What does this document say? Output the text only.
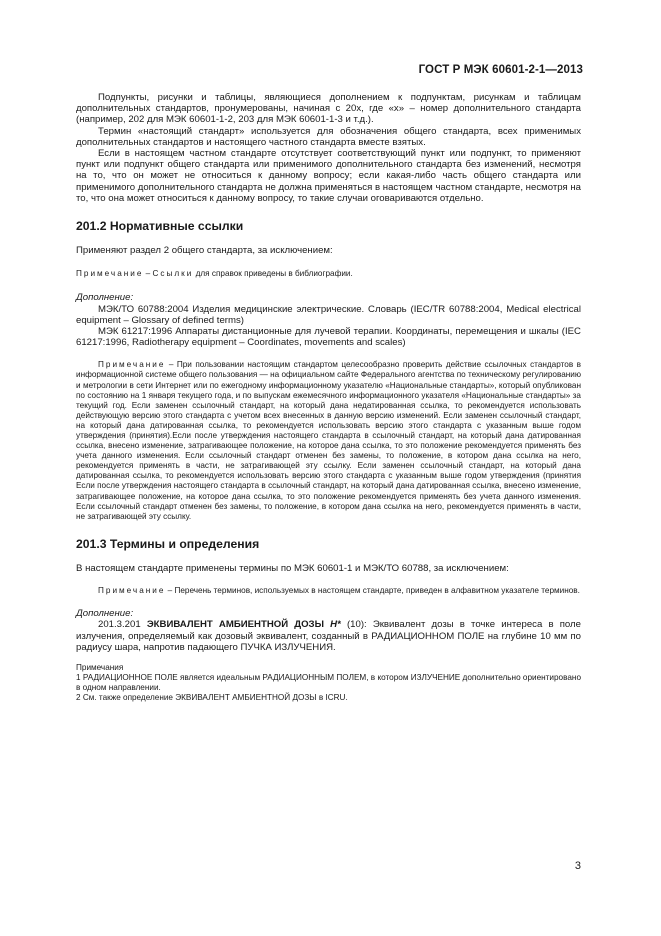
ГОСТ Р МЭК 60601-2-1—2013

Подпункты, рисунки и таблицы, являющиеся дополнением к подпунктам, рисункам и таблицам дополнительных стандартов, пронумерованы, начиная с 20х, где «х» – номер дополнительного стандарта (например, 202 для МЭК 60601-1-2, 203 для МЭК 60601-1-3 и т.д.).

Термин «настоящий стандарт» используется для обозначения общего стандарта, всех применимых дополнительных стандартов и настоящего частного стандарта вместе взятых.

Если в настоящем частном стандарте отсутствует соответствующий пункт или подпункт, то применяют пункт или подпункт общего стандарта или применимого дополнительного стандарта без изменений, несмотря на то, что он может не относиться к данному вопросу; если какая-либо часть общего стандарта или применимого дополнительного стандарта не должна применяться в настоящем частном стандарте, несмотря на то, что она может относиться к данному вопросу, то такие случаи оговариваются отдельно.

201.2 Нормативные ссылки

Применяют раздел 2 общего стандарта, за исключением:

Примечание – Ссылки для справок приведены в библиографии.

Дополнение:

МЭК/ТО 60788:2004 Изделия медицинские электрические. Словарь (IEC/TR 60788:2004, Medical electrical equipment – Glossary of defined terms)

МЭК 61217:1996 Аппараты дистанционные для лучевой терапии. Координаты, перемещения и шкалы (IEC 61217:1996, Radiotherapy equipment – Coordinates, movements and scales)

Примечание – При пользовании настоящим стандартом целесообразно проверить действие ссылочных стандартов в информационной системе общего пользования — на официальном сайте Федерального агентства по техническому регулированию и метрологии в сети Интернет или по ежегодному информационному указателю «Национальные стандарты», который опубликован по состоянию на 1 января текущего года, и по выпускам ежемесячного информационного указателя «Национальные стандарты» за текущий год. Если заменен ссылочный стандарт, на который дана недатированная ссылка, то рекомендуется использовать действующую версию этого стандарта с учетом всех внесенных в данную версию изменений. Если заменен ссылочный стандарт, на который дана датированная ссылка, то рекомендуется использовать версию этого стандарта с указанным выше годом утверждения (принятия).Если после утверждения настоящего стандарта в ссылочный стандарт, на который дана датированная ссылка, внесено изменение, затрагивающее положение, на которое дана ссылка, то это положение рекомендуется применять без учета данного изменения. Если ссылочный стандарт отменен без замены, то положение, в котором дана ссылка на него, рекомендуется применять в части, не затрагивающей эту ссылку. Если заменен ссылочный стандарт, на который дана датированная ссылка, то рекомендуется использовать версию этого стандарта с указанным выше годом утверждения (принятия Если после утверждения настоящего стандарта в ссылочный стандарт, на который дана датированная ссылка, внесено изменение, затрагивающее положение, на которое дана ссылка, то это положение рекомендуется применять без учета данного изменения. Если ссылочный стандарт отменен без замены, то положение, в котором дана ссылка на него, рекомендуется применять в части, не затрагивающей эту ссылку.

201.3 Термины и определения

В настоящем стандарте применены термины по МЭК 60601-1 и МЭК/ТО 60788, за исключением:

Примечание – Перечень терминов, используемых в настоящем стандарте, приведен в алфавитном указателе терминов.

Дополнение:

201.3.201 ЭКВИВАЛЕНТ АМБИЕНТНОЙ ДОЗЫ H* (10): Эквивалент дозы в точке интереса в поле излучения, определяемый как дозовый эквивалент, созданный в РАДИАЦИОННОМ ПОЛЕ на глубине 10 мм по радиусу шара, напротив падающего ПУЧКА ИЗЛУЧЕНИЯ.

Примечания

1 РАДИАЦИОННОЕ ПОЛЕ является идеальным РАДИАЦИОННЫМ ПОЛЕМ, в котором ИЗЛУЧЕНИЕ дополнительно ориентировано в одном направлении.

2 См. также определение ЭКВИВАЛЕНТ АМБИЕНТНОЙ ДОЗЫ в ICRU.

3
